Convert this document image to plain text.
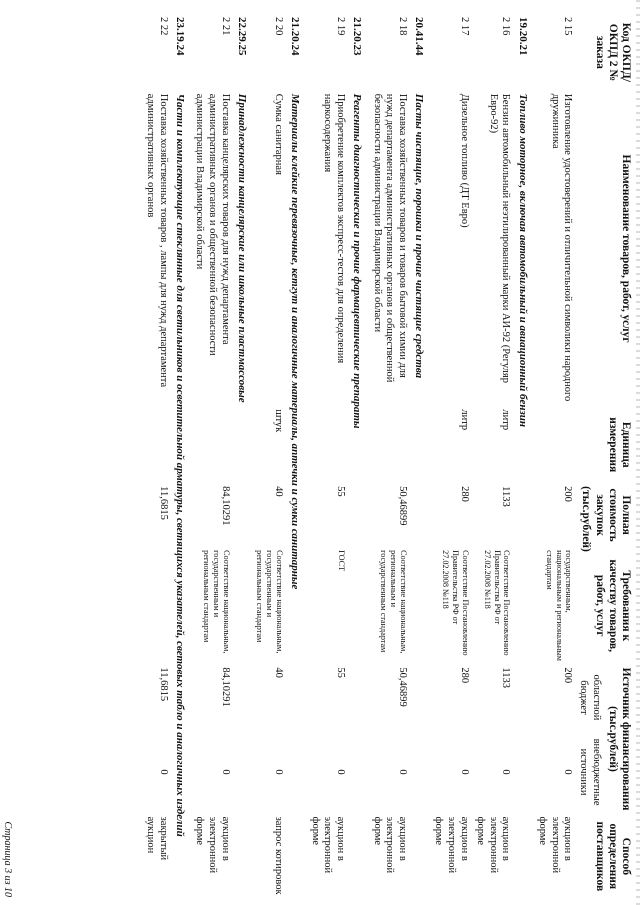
Код ОКПД/ ОКПД 2 № заказа	Наименование товаров, работ, услуг	Единица измерения	Полная стоимость закупок (тыс.рублей)	Требования к качеству товаров, работ, услуг	Источник финансирования (тыс.рублей)		Способ определения поставщиков
					областной бюджет	внебюджетные источники	
2 15	Изготовление удостоверений и отличительной символики народного дружинника		200	государственным, национальным и региональным стандартам	200	0	аукцион в электронной форме
19.20.21	Топливо моторное, включая автомобильный и авиационный бензин						
2 16	Бензин автомобильный неэтилированный марки АИ-92 (Регуляр Евро-92)	литр	1133	Соответствие Постановлению Правительства РФ от 27.02.2008 №118	1133	0	аукцион в электронной форме
2 17	Дизельное топливо (ДТ Евро)	литр	280	Соответствие Постановлению Правительства РФ от 27.02.2008 №118	280	0	аукцион в электронной форме
20.41.44	Пасты чистящие, порошки и прочие чистящие средства						
2 18	Поставка хозяйственных товаров и товаров бытовой химии для нужд департамента административных органов и общественной безопасности администрации Владимирской области		50,46899	Соответствие национальным, региональным и государственным стандартам	50,46899	0	аукцион в электронной форме
21.20.23	Реагенты диагностические и прочие фармацевтические препараты						
2 19	Приобретение комплектов экспресс-тестов для определения наркосодержания		55	ГОСТ	55	0	аукцион в электронной форме
21.20.24	Материалы клейкие перевязочные, кетгут и аналогичные материалы, аптечки и сумки санитарные						
2 20	Сумка санитарная	штук	40	Соответствие национальным, государственным и региональным стандартам	40	0	запрос котировок
22.29.25	Принадлежности канцелярские или школьные пластмассовые						
2 21	Поставка канцелярских товаров для нужд департамента административных органов и общественной безопасности администрации Владимирской области		84,10291	Соответствие национальным, государственным и региональным стандартам	84,10291	0	аукцион в электронной форме
23.19.24	Части и комплектующие стеклянные для светильников и осветительной арматуры, светящихся указателей, световых табло и аналогичных изделий						
2 22	Поставка хозяйственных товаров , лампы для нужд департамента административных органов		11,6815		11,6815	0	закрытый аукцион
Страница 3 из 10
